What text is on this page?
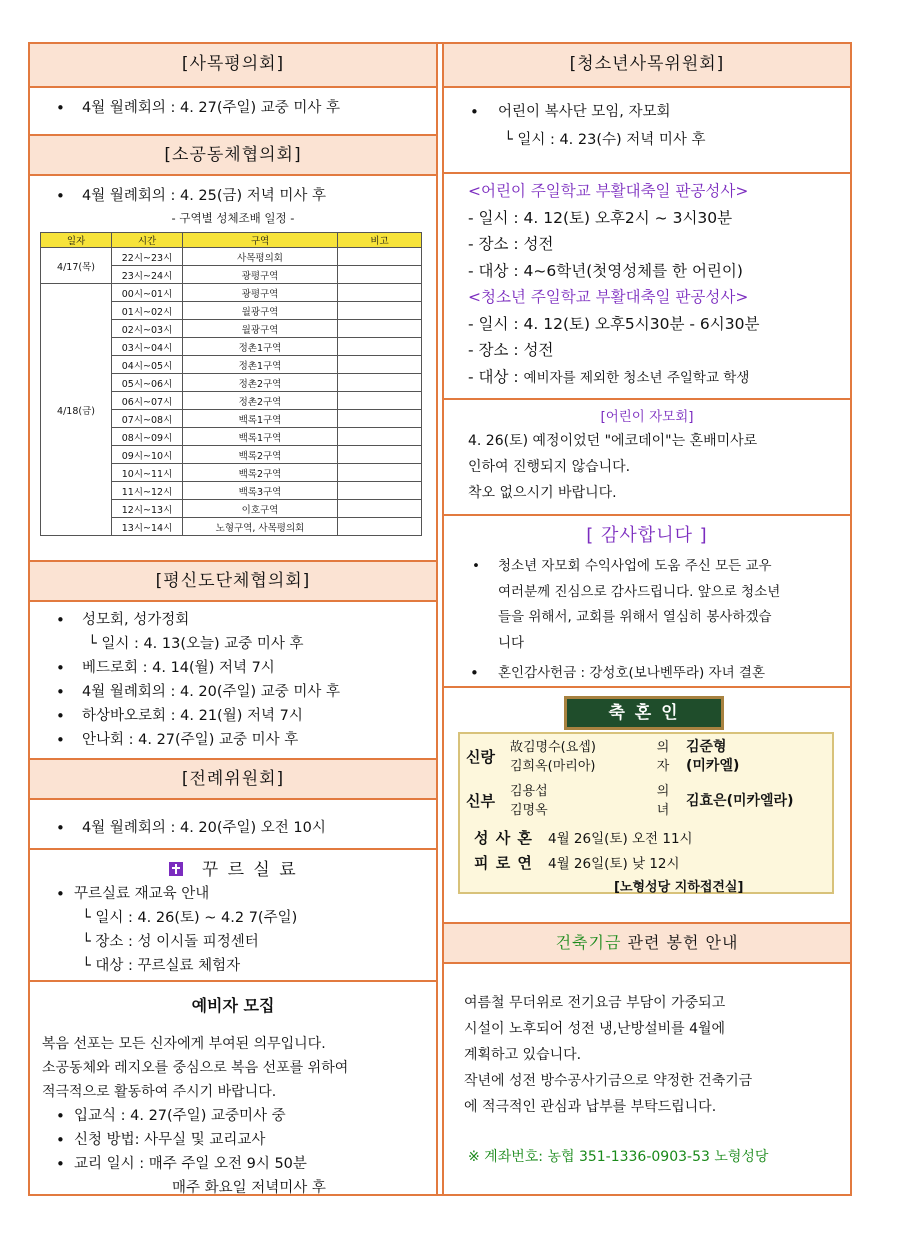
[사목평의회]
• 4월 월례회의 : 4. 27(주일) 교중 미사 후
[소공동체협의회]
• 4월 월례회의 : 4. 25(금) 저녁 미사 후
- 구역별 성체조배 일정 -
일자	시간	구역	비고
4/17(목)	22시~23시	사목평의회	
	23시~24시	광평구역	
4/18(금)	00시~01시	광평구역	
	01시~02시	월광구역	
	02시~03시	월광구역	
	03시~04시	정촌1구역	
	04시~05시	정촌1구역	
	05시~06시	정촌2구역	
	06시~07시	정촌2구역	
	07시~08시	백록1구역	
	08시~09시	백록1구역	
	09시~10시	백록2구역	
	10시~11시	백록2구역	
	11시~12시	백록3구역	
	12시~13시	이호구역	
	13시~14시	노형구역, 사목평의회	
[평신도단체협의회]
• 성모회, 성가정회
└ 일시 : 4. 13(오늘) 교중 미사 후
• 베드로회 : 4. 14(월) 저녁 7시
• 4월 월례회의 : 4. 20(주일) 교중 미사 후
• 하상바오로회 : 4. 21(월) 저녁 7시
• 안나회 : 4. 27(주일) 교중 미사 후
[전례위원회]
• 4월 월례회의 : 4. 20(주일) 오전 10시
꾸 르 실 료
• 꾸르실료 재교육 안내
└ 일시 : 4. 26(토) ~ 4.2 7(주일)
└ 장소 : 성 이시돌 피정센터
└ 대상 : 꾸르실료 체험자
예비자 모집
복음 선포는 모든 신자에게 부여된 의무입니다.
소공동체와 레지오를 중심으로 복음 선포를 위하여
적극적으로 활동하여 주시기 바랍니다.
• 입교식 : 4. 27(주일) 교중미사 중
• 신청 방법: 사무실 및 교리교사
• 교리 일시 : 매주 주일 오전 9시 50분
매주 화요일 저녁미사 후
[청소년사목위원회]
• 어린이 복사단 모임, 자모회
└ 일시 : 4. 23(수) 저녁 미사 후
<어린이 주일학교 부활대축일 판공성사>
- 일시 : 4. 12(토) 오후2시 ~ 3시30분
- 장소 : 성전
- 대상 : 4~6학년(첫영성체를 한 어린이)
<청소년 주일학교 부활대축일 판공성사>
- 일시 : 4. 12(토) 오후5시30분 - 6시30분
- 장소 : 성전
- 대상 : 예비자를 제외한 청소년 주일학교 학생
[어린이 자모회]
4. 26(토) 예정이었던 "에코데이"는 혼배미사로
인하여 진행되지 않습니다.
착오 없으시기 바랍니다.
[ 감사합니다 ]
• 청소년 자모회 수익사업에 도움 주신 모든 교우
여러분께 진심으로 감사드립니다. 앞으로 청소년
들을 위해서, 교회를 위해서 열심히 봉사하겠습
니다
• 혼인감사헌금 : 강성호(보나벤뚜라) 자녀 결혼
축 혼 인
신랑	故김명수(요셉)	의	김준형
	김희옥(마리아)	자	(미카엘)
신부	김용섭	의	김효은(미카엘라)
	김명옥	녀	
성 사 혼 4월 26일(토) 오전 11시
피 로 연 4월 26일(토) 낮 12시
[노형성당 지하접견실]
건축기금 관련 봉헌 안내
여름철 무더위로 전기요금 부담이 가중되고
시설이 노후되어 성전 냉,난방설비를 4월에
계획하고 있습니다.
작년에 성전 방수공사기금으로 약정한 건축기금
에 적극적인 관심과 납부를 부탁드립니다.
※ 계좌번호: 농협 351-1336-0903-53 노형성당
